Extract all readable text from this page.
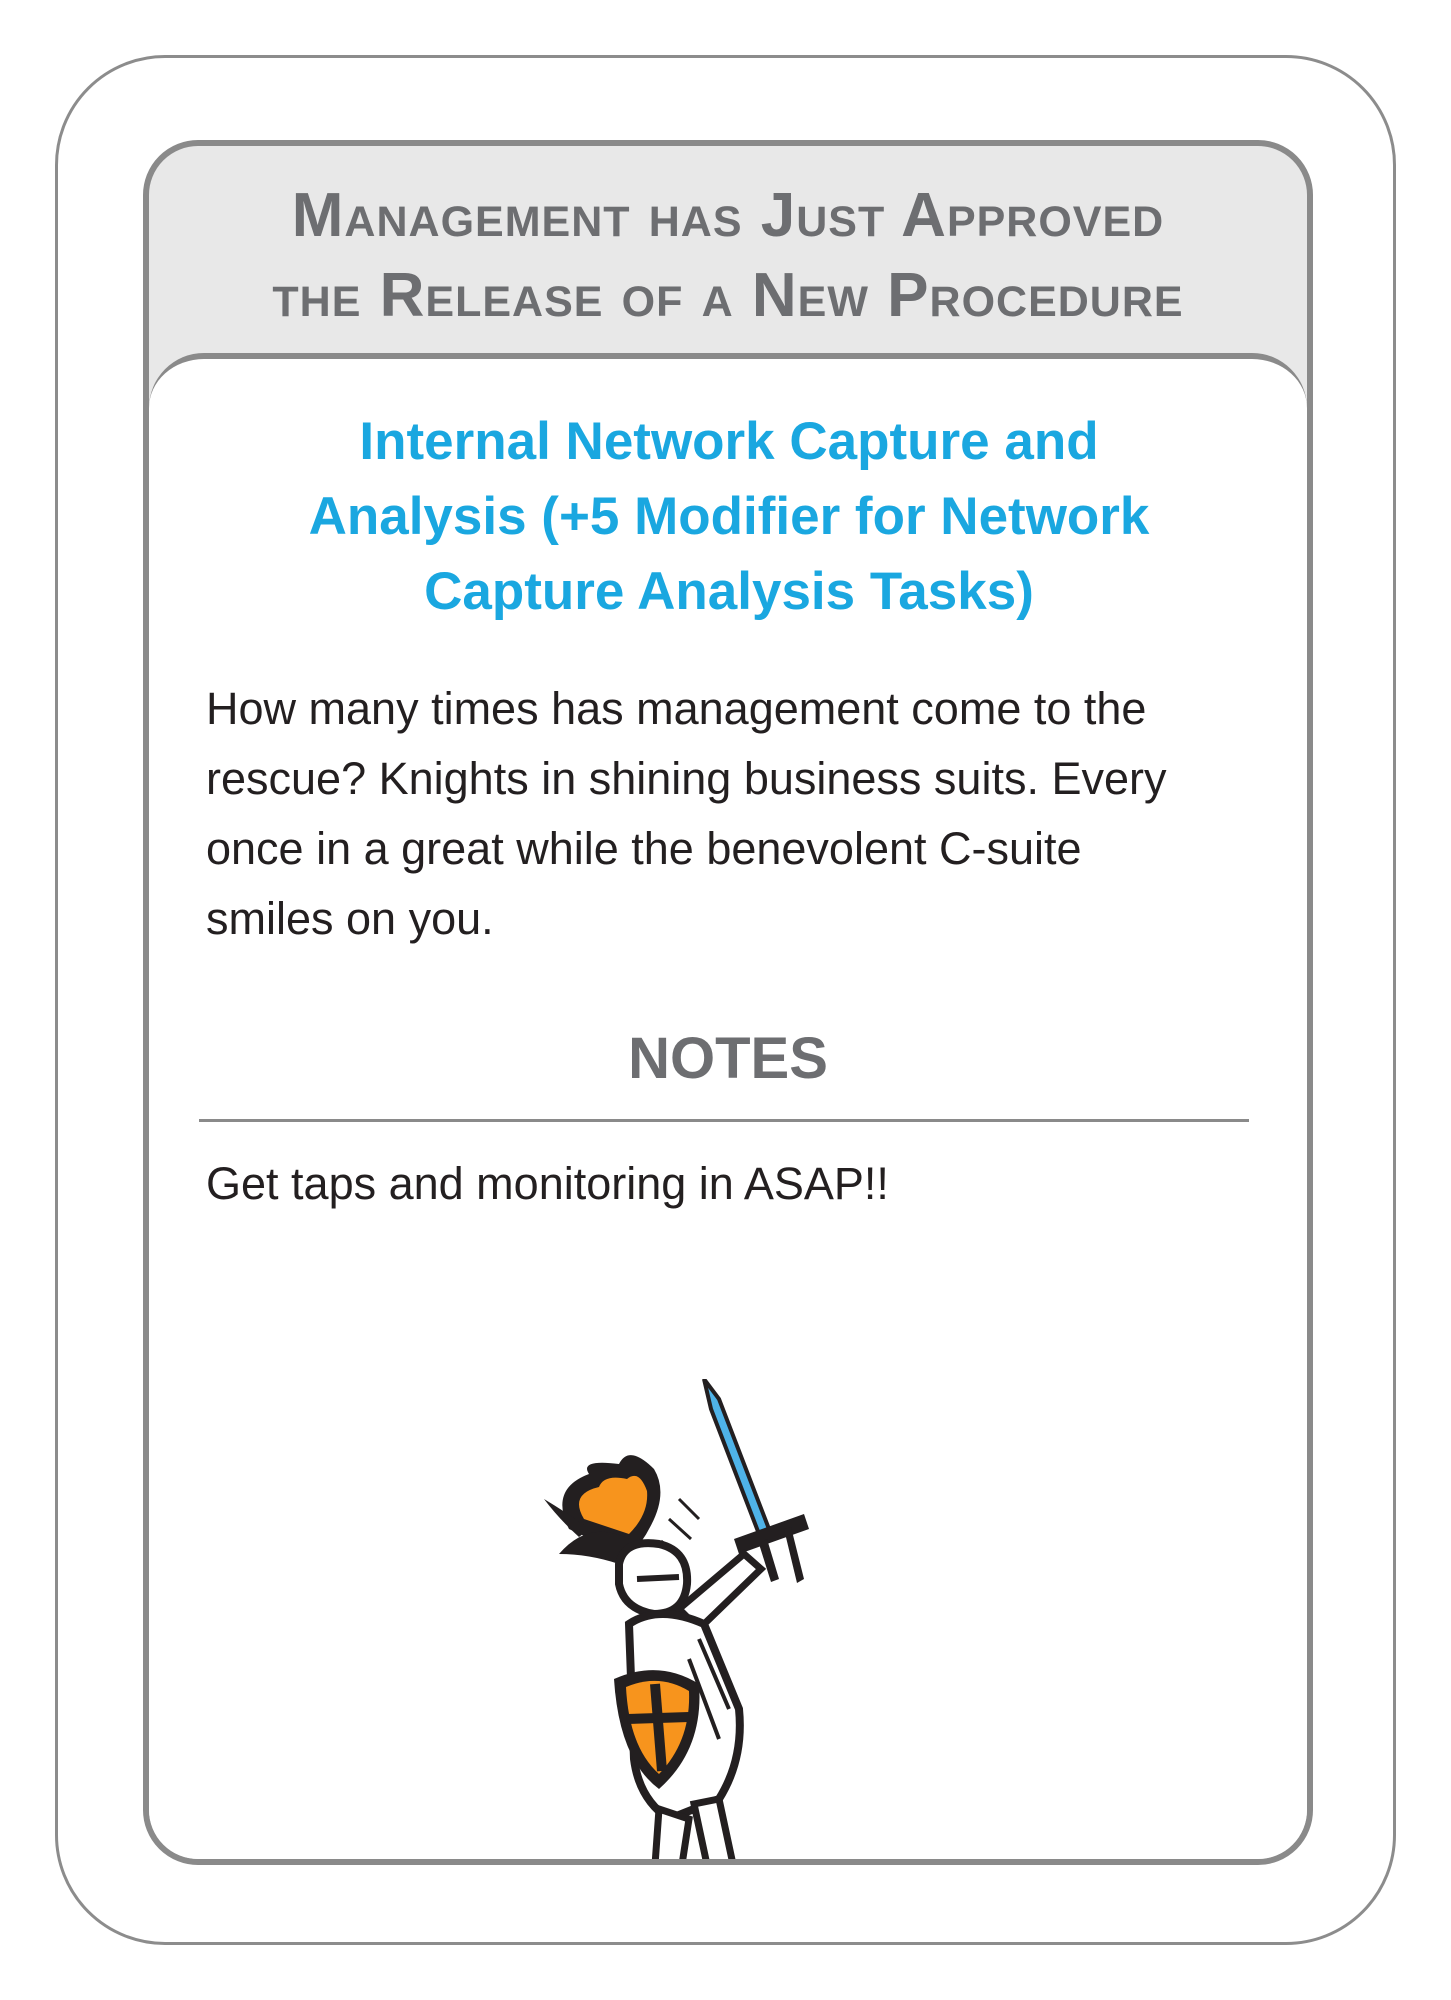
Management has Just Approved
the Release of a New Procedure
Internal Network Capture and
Analysis (+5 Modifier for Network
Capture Analysis Tasks)

How many times has management come to the
rescue? Knights in shining business suits. Every
once in a great while the benevolent C-suite
smiles on you.

NOTES

Get taps and monitoring in ASAP!!
